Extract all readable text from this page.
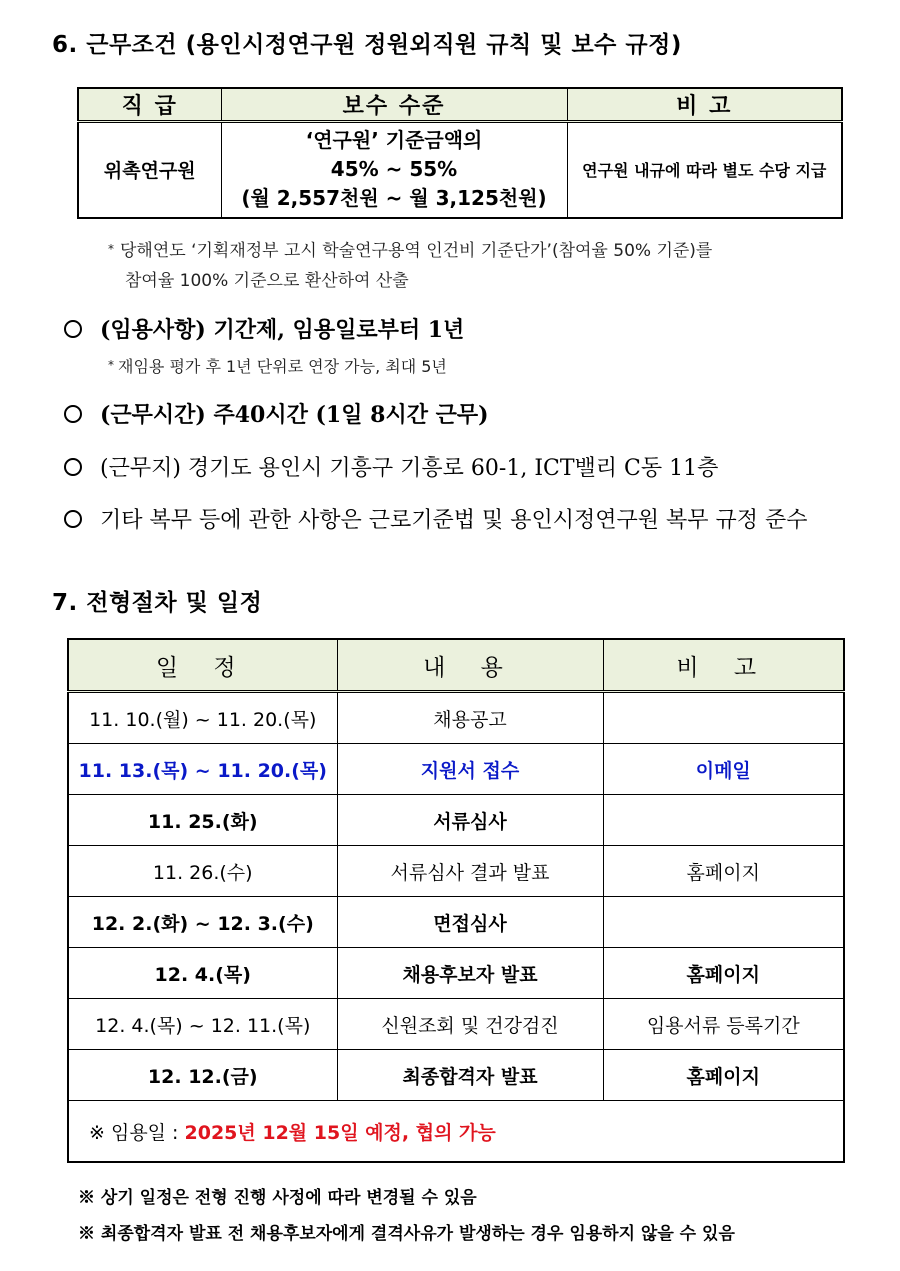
6. 근무조건 (용인시정연구원 정원외직원 규칙 및 보수 규정)
직 급	보수 수준	비 고
위촉연구원	‘연구원’ 기준금액의
45% ~ 55%
(월 2,557천원 ~ 월 3,125천원)	연구원 내규에 따라 별도 수당 지급
* 당해연도 ‘기획재정부 고시 학술연구용역 인건비 기준단가’(참여율 50% 기준)를
참여율 100% 기준으로 환산하여 산출
(임용사항) 기간제, 임용일로부터 1년
* 재임용 평가 후 1년 단위로 연장 가능, 최대 5년
(근무시간) 주40시간 (1일 8시간 근무)
(근무지) 경기도 용인시 기흥구 기흥로 60-1, ICT밸리 C동 11층
기타 복무 등에 관한 사항은 근로기준법 및 용인시정연구원 복무 규정 준수
7. 전형절차 및 일정
일 정	내 용	비 고
11. 10.(월) ~ 11. 20.(목)	채용공고	
11. 13.(목) ~ 11. 20.(목)	지원서 접수	이메일
11. 25.(화)	서류심사	
11. 26.(수)	서류심사 결과 발표	홈페이지
12. 2.(화) ~ 12. 3.(수)	면접심사	
12. 4.(목)	채용후보자 발표	홈페이지
12. 4.(목) ~ 12. 11.(목)	신원조회 및 건강검진	임용서류 등록기간
12. 12.(금)	최종합격자 발표	홈페이지
※ 임용일 : 2025년 12월 15일 예정, 협의 가능		
※ 상기 일정은 전형 진행 사정에 따라 변경될 수 있음
※ 최종합격자 발표 전 채용후보자에게 결격사유가 발생하는 경우 임용하지 않을 수 있음
